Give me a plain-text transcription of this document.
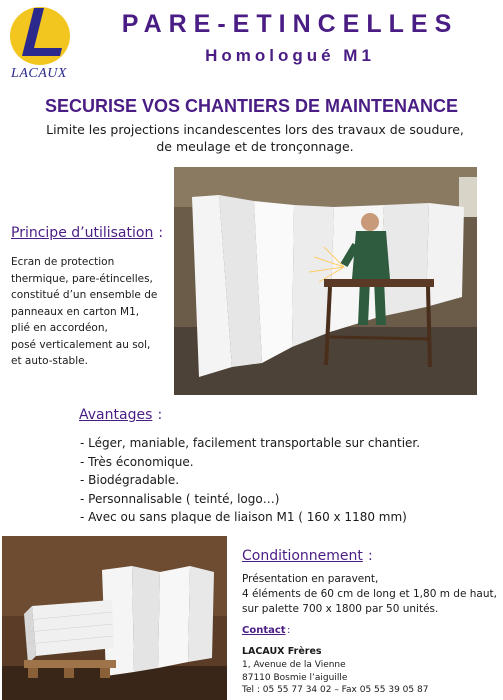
LACAUX
PARE-ETINCELLES
Homologué M1
SECURISE VOS CHANTIERS DE MAINTENANCE
Limite les projections incandescentes lors des travaux de soudure,
de meulage et de tronçonnage.
Principe d’utilisation :
Ecran de protection
thermique, pare-étincelles,
constitué d’un ensemble de
panneaux en carton M1,
plié en accordéon,
posé verticalement au sol,
et auto-stable.
Avantages :
- Léger, maniable, facilement transportable sur chantier.
- Très économique.
- Biodégradable.
- Personnalisable ( teinté, logo…)
- Avec ou sans plaque de liaison M1 ( 160 x 1180 mm)
Conditionnement :
Présentation en paravent,
4 éléments de 60 cm de long et 1,80 m de haut,
sur palette 700 x 1800 par 50 unités.
Contact :
LACAUX Frères
1, Avenue de la Vienne
87110 Bosmie l’aiguille
Tel : 05 55 77 34 02 – Fax 05 55 39 05 87
